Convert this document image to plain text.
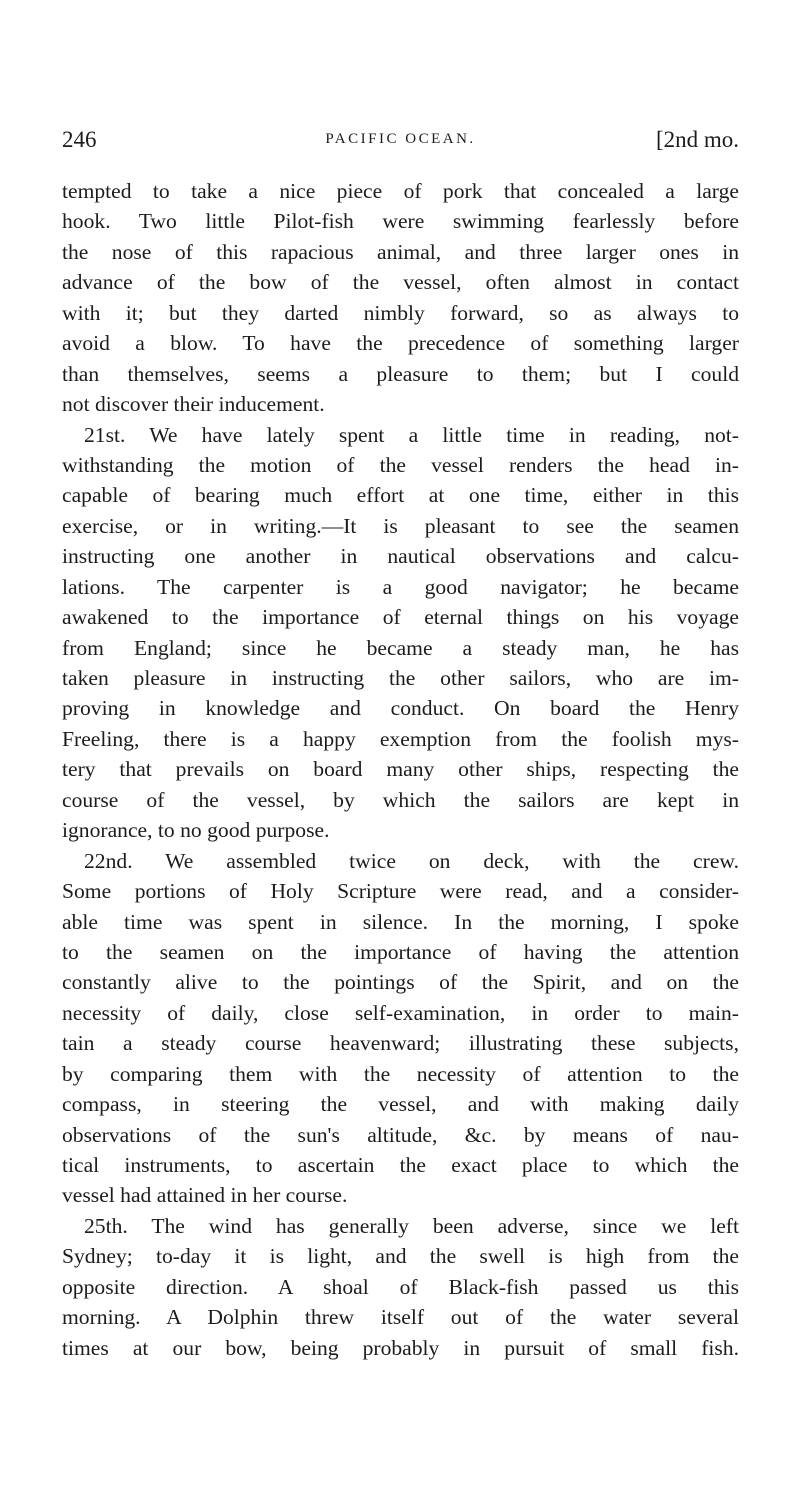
246	PACIFIC OCEAN.	[2nd mo.
tempted to take a nice piece of pork that concealed a large
hook. Two little Pilot-fish were swimming fearlessly before
the nose of this rapacious animal, and three larger ones in
advance of the bow of the vessel, often almost in contact
with it; but they darted nimbly forward, so as always to
avoid a blow. To have the precedence of something larger
than themselves, seems a pleasure to them; but I could
not discover their inducement.
21st. We have lately spent a little time in reading, not-
withstanding the motion of the vessel renders the head in-
capable of bearing much effort at one time, either in this
exercise, or in writing.—It is pleasant to see the seamen
instructing one another in nautical observations and calcu-
lations. The carpenter is a good navigator; he became
awakened to the importance of eternal things on his voyage
from England; since he became a steady man, he has
taken pleasure in instructing the other sailors, who are im-
proving in knowledge and conduct. On board the Henry
Freeling, there is a happy exemption from the foolish mys-
tery that prevails on board many other ships, respecting the
course of the vessel, by which the sailors are kept in
ignorance, to no good purpose.
22nd. We assembled twice on deck, with the crew.
Some portions of Holy Scripture were read, and a consider-
able time was spent in silence. In the morning, I spoke
to the seamen on the importance of having the attention
constantly alive to the pointings of the Spirit, and on the
necessity of daily, close self-examination, in order to main-
tain a steady course heavenward; illustrating these subjects,
by comparing them with the necessity of attention to the
compass, in steering the vessel, and with making daily
observations of the sun's altitude, &c. by means of nau-
tical instruments, to ascertain the exact place to which the
vessel had attained in her course.
25th. The wind has generally been adverse, since we left
Sydney; to-day it is light, and the swell is high from the
opposite direction. A shoal of Black-fish passed us this
morning. A Dolphin threw itself out of the water several
times at our bow, being probably in pursuit of small fish.
